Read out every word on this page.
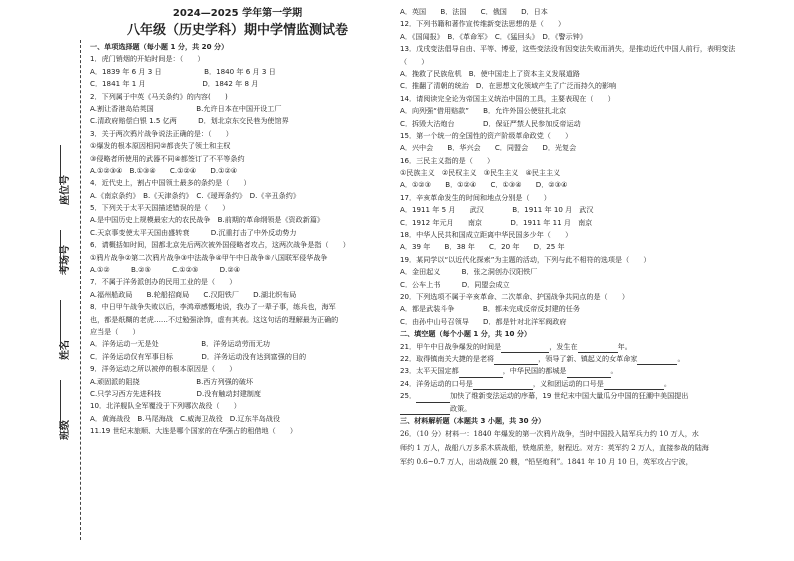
座位号
考场号
姓名
班级
2024—2025 学年第一学期
八年级（历史学科）期中学情监测试卷
一、单项选择题（每小题 1 分，共 20 分）
1．虎门销烟的开始时间是：（　　）
A．1839 年 6 月 3 日　　　　　　B．1840 年 6 月 3 日
C．1841 年 1 月　　　　　　　　D．1842 年 8 月
2．下列属于中英《马关条约》的内容(　　)
A.割让香港岛给英国　　　　　　B.允许日本在中国开设工厂
C.清政府赔偿白银 1.5 亿两　　　D．划北京东交民巷为使馆界
3．关于两次鸦片战争说法正确的是：（　　）
①爆发的根本原因相同②都丧失了领土和主权
③侵略者所使用的武器不同④都签订了不平等条约
A.①②③④　B.①③④　　C.①②④　　D.①②④
4．近代史上，割占中国领土最多的条约是（　　）
A.《南京条约》　B.《天津条约》　C.《瑷珲条约》　D.《辛丑条约》
5．下列关于太平天国描述错误的是（　　）
A.是中国历史上规模最宏大的农民战争　B.前期的革命纲领是《资政新篇》
C.天京事变使太平天国由盛转衰　　　D.沉重打击了中外反动势力
6．请概括如时间，国都北京先后两次被外国侵略者攻占，这两次战争是指（　　）
①鸦片战争②第二次鸦片战争③中法战争④甲午中日战争⑤八国联军侵华战争
A.①②　　　B.②⑤　　　C.①②⑤　　　D.②④
7．不属于洋务派创办的民用工业的是（　　）
A.福州船政局　　B.轮船招商局　　C.汉阳铁厂　　D.湖北织布局
8．中日甲午战争失败以后，李鸿章感慨地说，我办了一辈子事，练兵也，海军
也，都是纸糊的老虎……不过勉强涂饰，虚有其表。这这句话的理解最为正确的
应当是（　　）
A．洋务运动一无是处　　　　　　B．洋务运动劳而无功
C．洋务运动仅有军事目标　　　　D．洋务运动没有达到富强的目的
9．洋务运动之所以被停的根本原因是（　　）
A.顽固派的阻挠　　　　　　　　B.西方列强的破坏
C.只学习西方先进科技　　　　　D.没有触动封建制度
10．北洋舰队全军覆没于下列哪次战役（　　）
A．黄海战役　B.马尾海战　C.威海卫战役　D.辽东半岛战役
11.19 世纪末旅顺、大连是哪个国家的在华强占的租借地（　　）
A．英国　　B．法国　　C．俄国　　D．日本
12．下列书籍和著作宣传维新变法思想的是（　　）
A．《国闻报》　B．《革命军》　C．《猛回头》　D．《警示钟》
13．戊戌变法倡导自由、平等、博爱，这些变法没有因变法失败而消失，是推动近代中国人前行，表明变法
（　　）
A．挽救了民族危机　B．使中国走上了资本主义发展道路
C．推翻了清朝的统治　D．在思想文化领域产生了广泛而持久的影响
14．请阅读完全论为帝国主义统治中国的工具，主要表现在（　　）
A．向列强“借用赔款”　　B．允许外国公使驻扎北京
C．拆毁大沽炮台　　　　D．保证严禁人民参加反帝运动
15．第一个统一的全国性的资产阶级革命政党（　　）
A．兴中会　　B．华兴会　　C．同盟会　　D．光复会
16．三民主义指的是（　　）
①民族主义　②民权主义　③民生主义　④民主主义
A．①②③　　B．①②④　　C．①③④　　D．②③④
17．辛亥革命发生的时间和地点分别是（　　）
A．1911 年 5 月　　武汉　　　　B．1911 年 10 月　武汉
C．1912 年元月　　南京　　　　D．1911 年 11 月　南京
18．中华人民共和国成立距离中华民国多少年（　　）
A．39 年　　B．38 年　　C．20 年　　D．25 年
19．某同学以“以近代化探索”为主题的活动，下列与此不相符的选项是（　　）
A．金田起义　　　B．张之洞创办汉阳铁厂
C．公车上书　　　D．同盟会成立
20．下列选项不属于辛亥革命、二次革命、护国战争共同点的是（　　）
A．都是武装斗争　　　　B．都未完成反帝反封建的任务
C．由孙中山号召领导　　D．都是针对北洋军阀政府
二、填空题（每个小题 1 分，共 10 分）
21．甲午中日战争爆发的时间是	，发生在	年。
22．取得镇南关大捷的是老将	，领导了新、镇起义的女革命家	。
23．太平天国定都	，中华民国的都城是	。
24．洋务运动的口号是	，义和团运动的口号是	。
25．	加快了维新变法运动的序幕，19 世纪末中国大量瓜分中国的狂潮中美国提出
政策。
三、材料解析题（本题共 3 小题，共 30 分）
26．（10 分）材料一：1840 年爆发的第一次鸦片战争，当时中国投入陆军兵力约 10 万人，水
师约 1 万人，战船八万多系木质战船，铁炮质差，射程近。对方：英军约 2 万人，直接参战的陆海
军约 0.6~0.7 万人，出动战舰 20 艘，“铅坚炮利”。1841 年 10 月 10 日，英军攻占宁波，
